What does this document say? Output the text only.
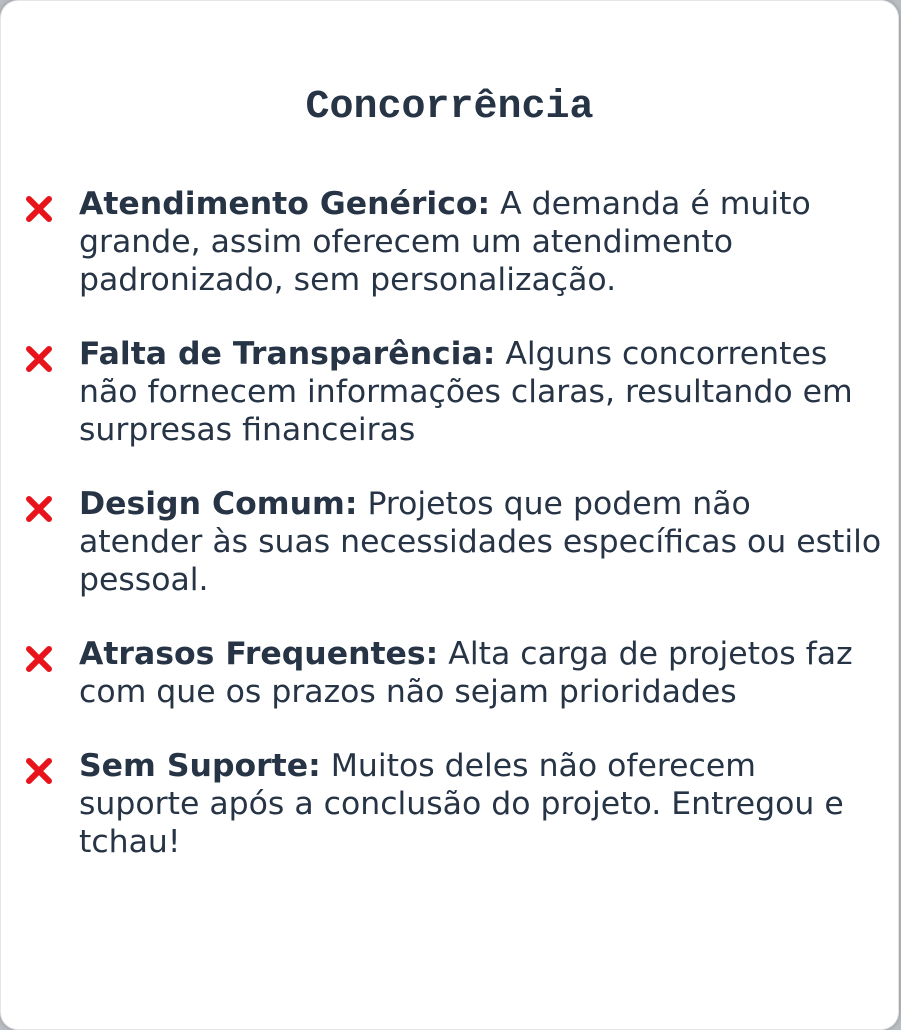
Concorrência
Atendimento Genérico: A demanda é muito grande, assim oferecem um atendimento padronizado, sem personalização.
Falta de Transparência: Alguns concorrentes não fornecem informações claras, resultando em surpresas financeiras
Design Comum: Projetos que podem não atender às suas necessidades específicas ou estilo pessoal.
Atrasos Frequentes: Alta carga de projetos faz com que os prazos não sejam prioridades
Sem Suporte: Muitos deles não oferecem suporte após a conclusão do projeto. Entregou e tchau!
